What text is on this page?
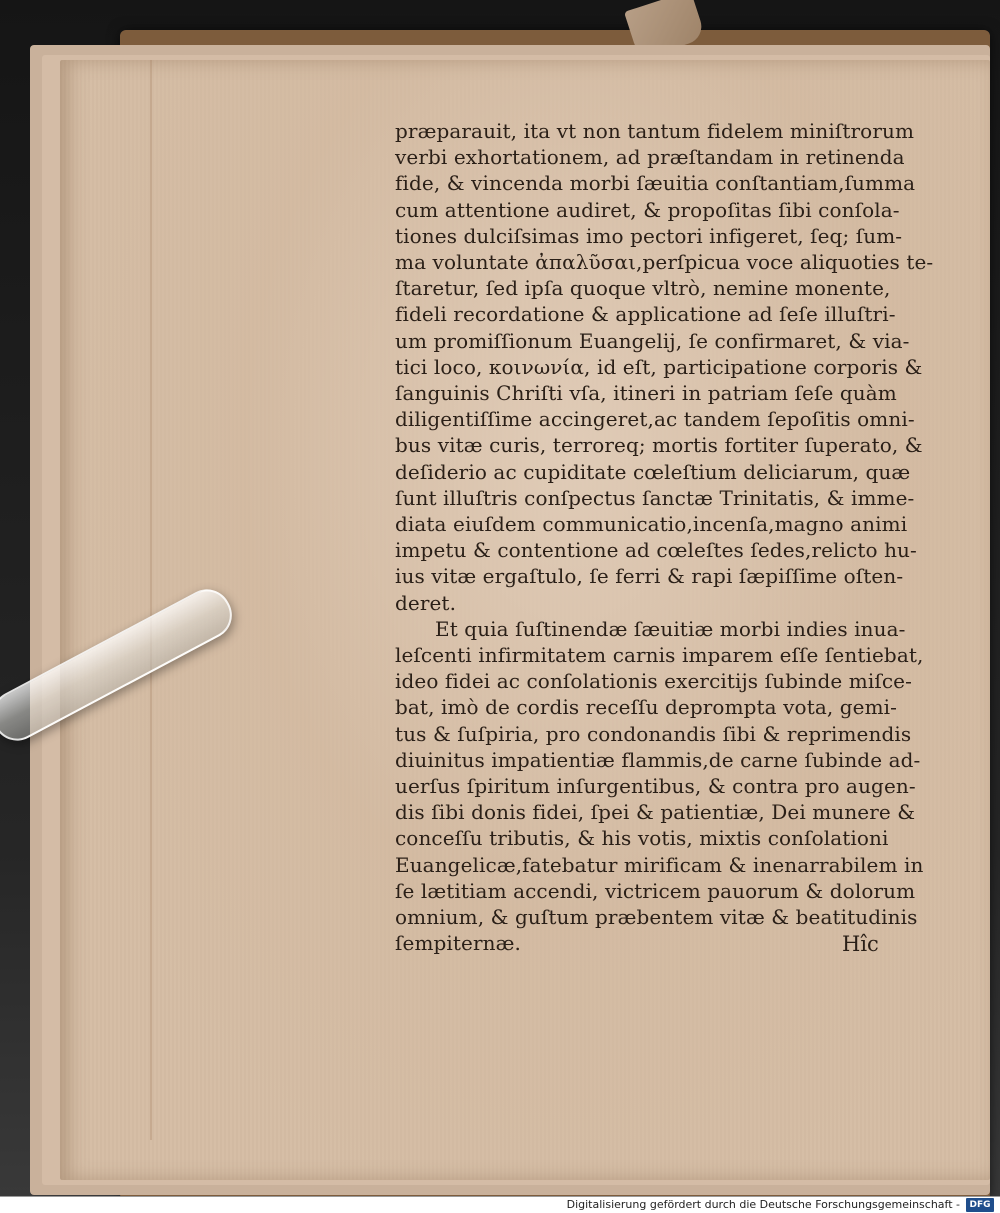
præparauit, ita vt non tantum fidelem miniſtrorum
verbi exhortationem, ad præſtandam in retinenda
fide, & vincenda morbi ſæuitia conſtantiam,ſumma
cum attentione audiret, & propoſitas ſibi conſola-
tiones dulciſsimas imo pectori infigeret, ſeq; ſum-
ma voluntate ἀπαλῦσαι,perſpicua voce aliquoties te-
ſtaretur, ſed ipſa quoque vltrò, nemine monente,
fideli recordatione & applicatione ad ſeſe illuſtri-
um promiſſionum Euangelij, ſe confirmaret, & via-
tici loco, κοινωνία, id eſt, participatione corporis &
ſanguinis Chriſti vſa, itineri in patriam ſeſe quàm
diligentiſſime accingeret,ac tandem ſepoſitis omni-
bus vitæ curis, terroreq; mortis fortiter ſuperato, &
deſiderio ac cupiditate cœleſtium deliciarum, quæ
ſunt illuſtris conſpectus ſanctæ Trinitatis, & imme-
diata eiuſdem communicatio,incenſa,magno animi
impetu & contentione ad cœleſtes ſedes,relicto hu-
ius vitæ ergaſtulo, ſe ferri & rapi ſæpiſſime oſten-
deret.
Et quia ſuſtinendæ ſæuitiæ morbi indies inua-
leſcenti infirmitatem carnis imparem eſſe ſentiebat,
ideo fidei ac conſolationis exercitijs ſubinde miſce-
bat, imò de cordis receſſu deprompta vota, gemi-
tus & ſuſpiria, pro condonandis ſibi & reprimendis
diuinitus impatientiæ flammis,de carne ſubinde ad-
uerſus ſpiritum inſurgentibus, & contra pro augen-
dis ſibi donis fidei, ſpei & patientiæ, Dei munere &
conceſſu tributis, & his votis, mixtis conſolationi
Euangelicæ,fatebatur mirificam & inenarrabilem in
ſe lætitiam accendi, victricem pauorum & dolorum
omnium, & guſtum præbentem vitæ & beatitudinis
ſempiternæ.	Hîc
Digitalisierung gefördert durch die Deutsche Forschungsgemeinschaft -	DFG
